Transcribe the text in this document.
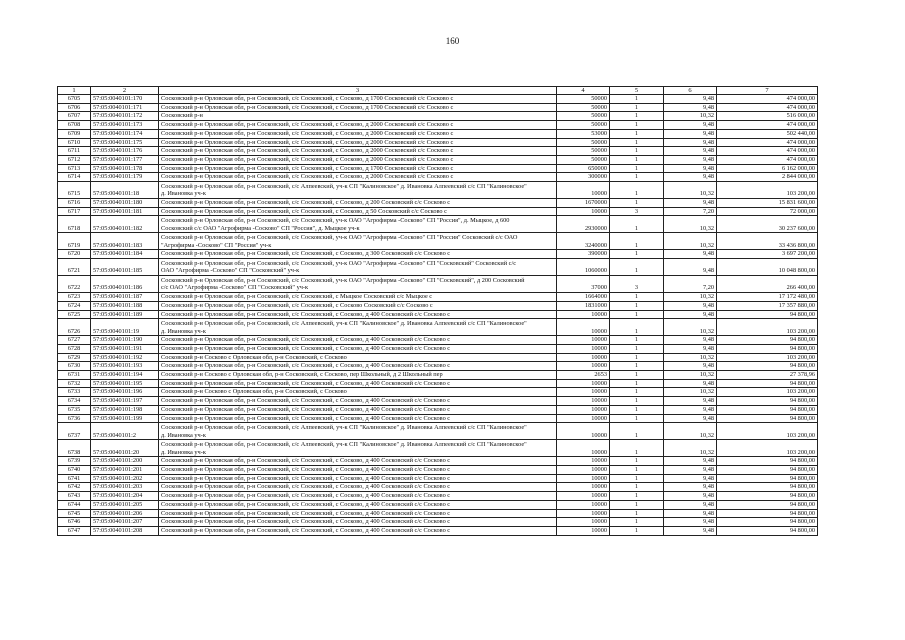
160
1	2	3	4	5	6	7
6705	57:05:0040101:170	Сосковский р-н Орловская обл, р-н Сосковский, с/с Сосковский, с Сосково, д 1700 Сосковский с/с Сосково с	50000	1	9,48	474 000,00
6706	57:05:0040101:171	Сосковский р-н Орловская обл, р-н Сосковский, с/с Сосковский, с Сосково, д 1700 Сосковский с/с Сосково с	50000	1	9,48	474 000,00
6707	57:05:0040101:172	Сосковский р-н	50000	1	10,32	516 000,00
6708	57:05:0040101:173	Сосковский р-н Орловская обл, р-н Сосковский, с/с Сосковский, с Сосково, д 2000 Сосковский с/с Сосково с	50000	1	9,48	474 000,00
6709	57:05:0040101:174	Сосковский р-н Орловская обл, р-н Сосковский, с/с Сосковский, с Сосково, д 2000 Сосковский с/с Сосково с	53000	1	9,48	502 440,00
6710	57:05:0040101:175	Сосковский р-н Орловская обл, р-н Сосковский, с/с Сосковский, с Сосково, д 2000 Сосковский с/с Сосково с	50000	1	9,48	474 000,00
6711	57:05:0040101:176	Сосковский р-н Орловская обл, р-н Сосковский, с/с Сосковский, с Сосково, д 2000 Сосковский с/с Сосково с	50000	1	9,48	474 000,00
6712	57:05:0040101:177	Сосковский р-н Орловская обл, р-н Сосковский, с/с Сосковский, с Сосково, д 2000 Сосковский с/с Сосково с	50000	1	9,48	474 000,00
6713	57:05:0040101:178	Сосковский р-н Орловская обл, р-н Сосковский, с/с Сосковский, с Сосково, д 1700 Сосковский с/с Сосково с	650000	1	9,48	6 162 000,00
6714	57:05:0040101:179	Сосковский р-н Орловская обл, р-н Сосковский, с/с Сосковский, с Сосково, д 2000 Сосковский с/с Сосково с	300000	1	9,48	2 844 000,00
6715	57:05:0040101:18	Сосковский р-н Орловская обл, р-н Сосковский, с/с Алпеевский, уч-к СП "Калиновское" д. Ивановка Алпеевский с/с СП "Калиновское"
д. Ивановка уч-к	10000	1	10,32	103 200,00
6716	57:05:0040101:180	Сосковский р-н Орловская обл, р-н Сосковский, с/с Сосковский, с Сосково, д 200 Сосковский с/с Сосково с	1670000	1	9,48	15 831 600,00
6717	57:05:0040101:181	Сосковский р-н Орловская обл, р-н Сосковский, с/с Сосковский, с Сосково, д 50 Сосковский с/с Сосково с	10000	3	7,20	72 000,00
6718	57:05:0040101:182	Сосковский р-н Орловская обл, р-н Сосковский, с/с Сосковский, уч-к ОАО "Агрофирма -Сосково" СП "Россия", д. Мыцкое, д 600
Сосковский с/с ОАО "Агрофирма -Сосково" СП "Россия", д. Мыцкое уч-к	2930000	1	10,32	30 237 600,00
6719	57:05:0040101:183	Сосковский р-н Орловская обл, р-н Сосковский, с/с Сосковский, уч-к ОАО "Агрофирма -Сосково" СП "Россия" Сосковский с/с ОАО
"Агрофирма -Сосково" СП "Россия" уч-к	3240000	1	10,32	33 436 800,00
6720	57:05:0040101:184	Сосковский р-н Орловская обл, р-н Сосковский, с/с Сосковский, с Сосково, д 300 Сосковский с/с Сосково с	390000	1	9,48	3 697 200,00
6721	57:05:0040101:185	Сосковский р-н Орловская обл, р-н Сосковский, с/с Сосковский, уч-к ОАО "Агрофирма -Сосково" СП "Сосковский" Сосковский с/с
ОАО "Агрофирма -Сосково" СП "Сосковский" уч-к	1060000	1	9,48	10 048 800,00
6722	57:05:0040101:186	Сосковский р-н Орловская обл, р-н Сосковский, с/с Сосковский, уч-к ОАО "Агрофирма -Сосково" СП "Сосковский", д 200 Сосковский
с/с ОАО "Агрофирма -Сосково" СП "Сосковский" уч-к	37000	3	7,20	266 400,00
6723	57:05:0040101:187	Сосковский р-н Орловская обл, р-н Сосковский, с/с Сосковский, с Мыцкое Сосковский с/с Мыцкое с	1664000	1	10,32	17 172 480,00
6724	57:05:0040101:188	Сосковский р-н Орловская обл, р-н Сосковский, с/с Сосковский, с Сосково Сосковский с/с Сосково с	1831000	1	9,48	17 357 880,00
6725	57:05:0040101:189	Сосковский р-н Орловская обл, р-н Сосковский, с/с Сосковский, с Сосково, д 400 Сосковский с/с Сосково с	10000	1	9,48	94 800,00
6726	57:05:0040101:19	Сосковский р-н Орловская обл, р-н Сосковский, с/с Алпеевский, уч-к СП "Калиновское" д. Ивановка Алпеевский с/с СП "Калиновское"
д. Ивановка уч-к	10000	1	10,32	103 200,00
6727	57:05:0040101:190	Сосковский р-н Орловская обл, р-н Сосковский, с/с Сосковский, с Сосково, д 400 Сосковский с/с Сосково с	10000	1	9,48	94 800,00
6728	57:05:0040101:191	Сосковский р-н Орловская обл, р-н Сосковский, с/с Сосковский, с Сосково, д 400 Сосковский с/с Сосково с	10000	1	9,48	94 800,00
6729	57:05:0040101:192	Сосковский р-н Сосково с Орловская обл, р-н Сосковский, с Сосково	10000	1	10,32	103 200,00
6730	57:05:0040101:193	Сосковский р-н Орловская обл, р-н Сосковский, с/с Сосковский, с Сосково, д 400 Сосковский с/с Сосково с	10000	1	9,48	94 800,00
6731	57:05:0040101:194	Сосковский р-н Сосково с Орловская обл, р-н Сосковский, с Сосково, пер Школьный, д 2 Школьный пер	2653	1	10,32	27 378,96
6732	57:05:0040101:195	Сосковский р-н Орловская обл, р-н Сосковский, с/с Сосковский, с Сосково, д 400 Сосковский с/с Сосково с	10000	1	9,48	94 800,00
6733	57:05:0040101:196	Сосковский р-н Сосково с Орловская обл, р-н Сосковский, с Сосково	10000	1	10,32	103 200,00
6734	57:05:0040101:197	Сосковский р-н Орловская обл, р-н Сосковский, с/с Сосковский, с Сосково, д 400 Сосковский с/с Сосково с	10000	1	9,48	94 800,00
6735	57:05:0040101:198	Сосковский р-н Орловская обл, р-н Сосковский, с/с Сосковский, с Сосково, д 400 Сосковский с/с Сосково с	10000	1	9,48	94 800,00
6736	57:05:0040101:199	Сосковский р-н Орловская обл, р-н Сосковский, с/с Сосковский, с Сосково, д 400 Сосковский с/с Сосково с	10000	1	9,48	94 800,00
6737	57:05:0040101:2	Сосковский р-н Орловская обл, р-н Сосковский, с/с Алпеевский, уч-к СП "Калиновское" д. Ивановка Алпеевский с/с СП "Калиновское"
д. Ивановка уч-к	10000	1	10,32	103 200,00
6738	57:05:0040101:20	Сосковский р-н Орловская обл, р-н Сосковский, с/с Алпеевский, уч-к СП "Калиновское" д. Ивановка Алпеевский с/с СП "Калиновское"
д. Ивановка уч-к	10000	1	10,32	103 200,00
6739	57:05:0040101:200	Сосковский р-н Орловская обл, р-н Сосковский, с/с Сосковский, с Сосково, д 400 Сосковский с/с Сосково с	10000	1	9,48	94 800,00
6740	57:05:0040101:201	Сосковский р-н Орловская обл, р-н Сосковский, с/с Сосковский, с Сосково, д 400 Сосковский с/с Сосково с	10000	1	9,48	94 800,00
6741	57:05:0040101:202	Сосковский р-н Орловская обл, р-н Сосковский, с/с Сосковский, с Сосково, д 400 Сосковский с/с Сосково с	10000	1	9,48	94 800,00
6742	57:05:0040101:203	Сосковский р-н Орловская обл, р-н Сосковский, с/с Сосковский, с Сосково, д 400 Сосковский с/с Сосково с	10000	1	9,48	94 800,00
6743	57:05:0040101:204	Сосковский р-н Орловская обл, р-н Сосковский, с/с Сосковский, с Сосково, д 400 Сосковский с/с Сосково с	10000	1	9,48	94 800,00
6744	57:05:0040101:205	Сосковский р-н Орловская обл, р-н Сосковский, с/с Сосковский, с Сосково, д 400 Сосковский с/с Сосково с	10000	1	9,48	94 800,00
6745	57:05:0040101:206	Сосковский р-н Орловская обл, р-н Сосковский, с/с Сосковский, с Сосково, д 400 Сосковский с/с Сосково с	10000	1	9,48	94 800,00
6746	57:05:0040101:207	Сосковский р-н Орловская обл, р-н Сосковский, с/с Сосковский, с Сосково, д 400 Сосковский с/с Сосково с	10000	1	9,48	94 800,00
6747	57:05:0040101:208	Сосковский р-н Орловская обл, р-н Сосковский, с/с Сосковский, с Сосково, д 400 Сосковский с/с Сосково с	10000	1	9,48	94 800,00
